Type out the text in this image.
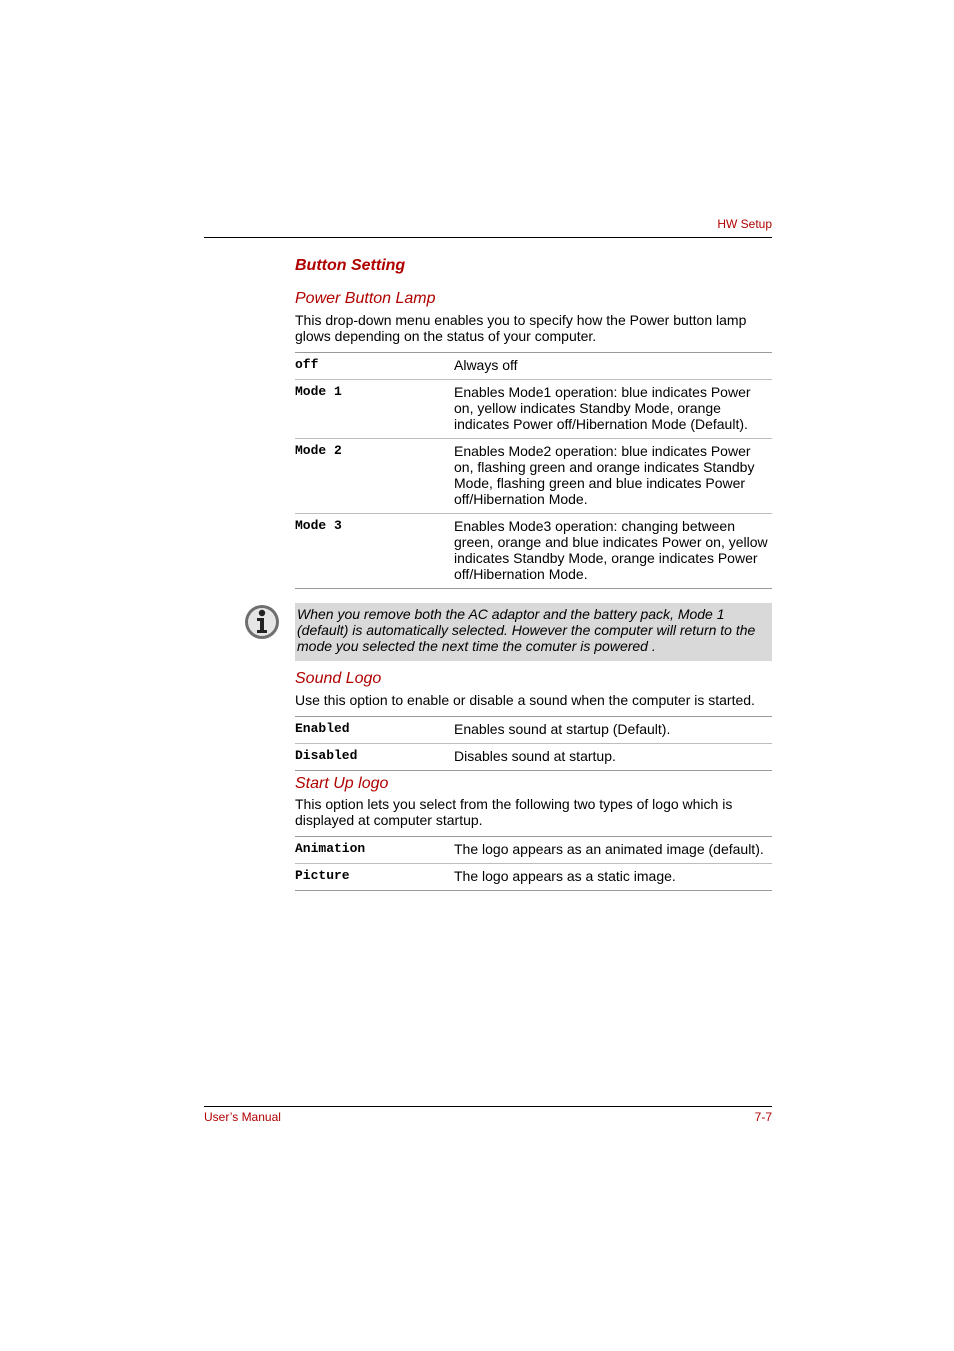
HW Setup
Button Setting
Power Button Lamp

This drop-down menu enables you to specify how the Power button lamp glows depending on the status of your computer.

off	Always off
Mode 1	Enables Mode1 operation: blue indicates Power on, yellow indicates Standby Mode, orange indicates Power off/Hibernation Mode (Default).
Mode 2	Enables Mode2 operation: blue indicates Power on, flashing green and orange indicates Standby Mode, flashing green and blue indicates Power off/Hibernation Mode.
Mode 3	Enables Mode3 operation: changing between green, orange and blue indicates Power on, yellow indicates Standby Mode, orange indicates Power off/Hibernation Mode.
When you remove both the AC adaptor and the battery pack, Mode 1 (default) is automatically selected. However the computer will return to the mode you selected the next time the comuter is powered .
Sound Logo

Use this option to enable or disable a sound when the computer is started.

Enabled	Enables sound at startup (Default).
Disabled	Disables sound at startup.
Start Up logo

This option lets you select from the following two types of logo which is displayed at computer startup.

Animation	The logo appears as an animated image (default).
Picture	The logo appears as a static image.
User’s Manual	7-7
